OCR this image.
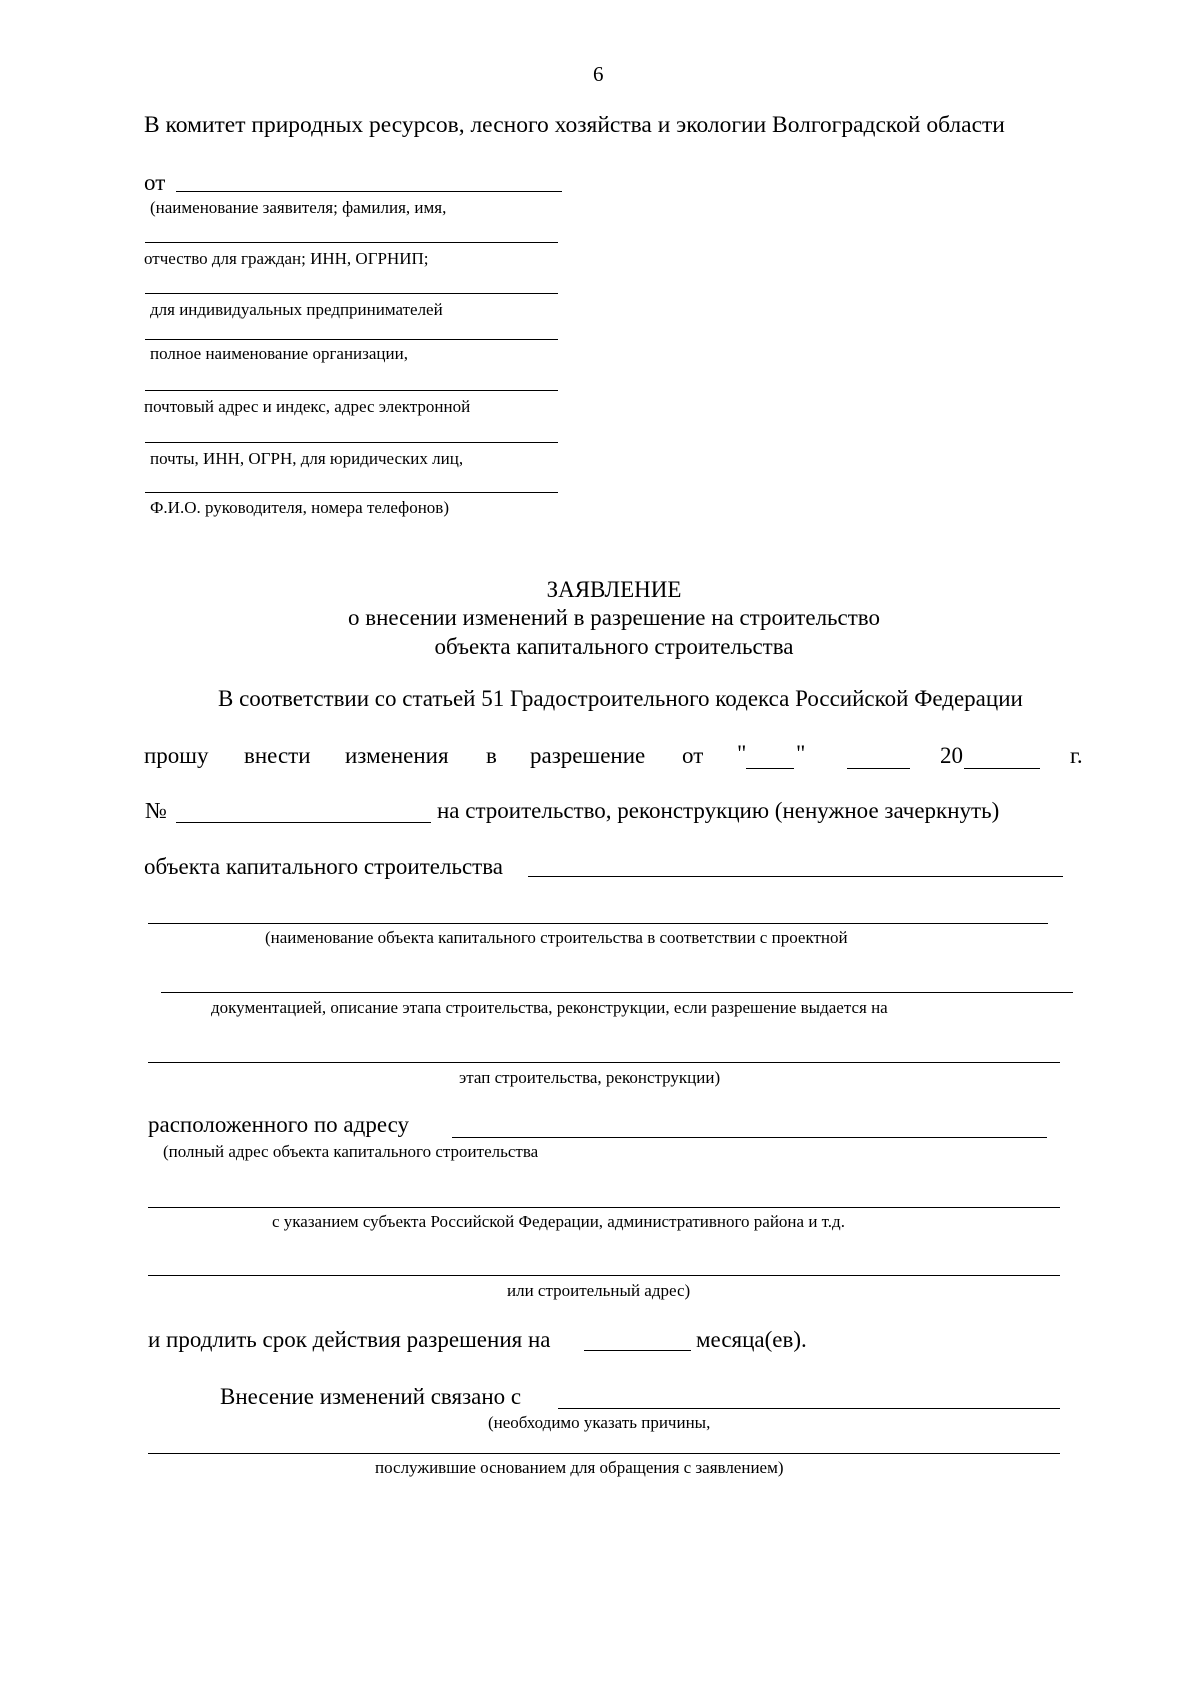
6
В комитет природных ресурсов, лесного хозяйства и экологии Волгоградской области
от
(наименование заявителя; фамилия, имя,
отчество для граждан; ИНН, ОГРНИП;
для индивидуальных предпринимателей
полное наименование организации,
почтовый адрес и индекс, адрес электронной
почты, ИНН, ОГРН, для юридических лиц,
Ф.И.О. руководителя, номера телефонов)
ЗАЯВЛЕНИЕ
о внесении изменений в разрешение на строительство
объекта капитального строительства
В соответствии со статьей 51 Градостроительного кодекса Российской Федерации
прошу внести изменения в разрешение от " "	20	г.
№	на строительство, реконструкцию (ненужное зачеркнуть)
объекта капитального строительства
(наименование объекта капитального строительства в соответствии с проектной
документацией, описание этапа строительства, реконструкции, если разрешение выдается на
этап строительства, реконструкции)
расположенного по адресу
(полный адрес объекта капитального строительства
с указанием субъекта Российской Федерации, административного района и т.д.
или строительный адрес)
и продлить срок действия разрешения на	месяца(ев).
Внесение изменений связано с
(необходимо указать причины,
послужившие основанием для обращения с заявлением)
